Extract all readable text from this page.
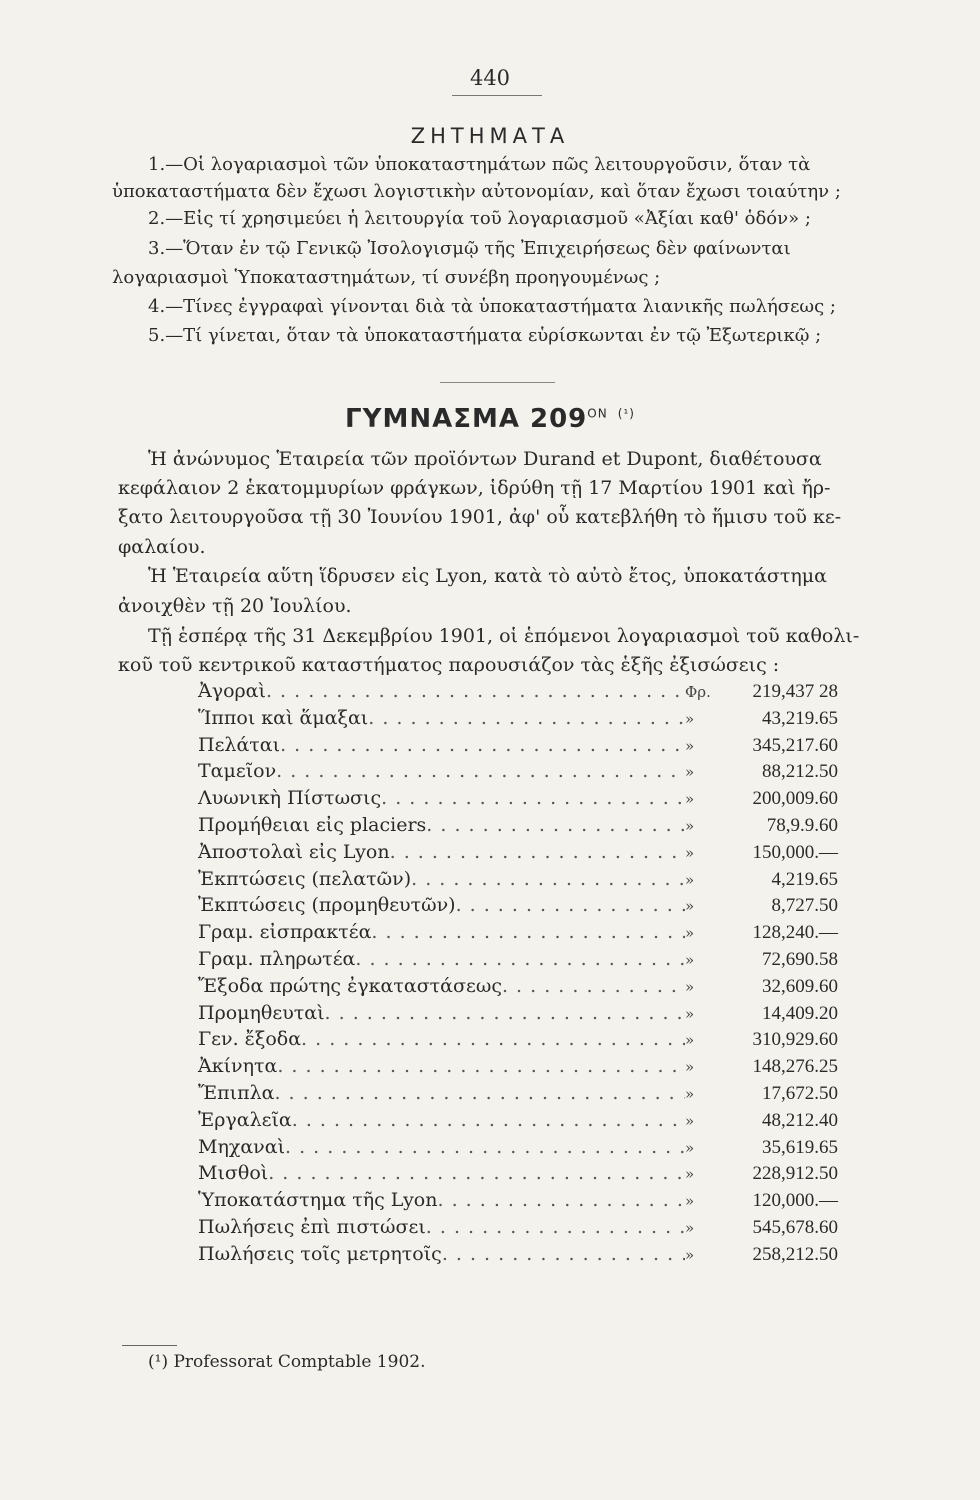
440
ΖΗΤΗΜΑΤΑ
1.—Οἱ λογαριασμοὶ τῶν ὑποκαταστημάτων πῶς λειτουργοῦσιν, ὅταν τὰ
ὑποκαταστήματα δὲν ἔχωσι λογιστικὴν αὐτονομίαν, καὶ ὅταν ἔχωσι τοιαύτην ;
2.—Εἰς τί χρησιμεύει ἡ λειτουργία τοῦ λογαριασμοῦ «Ἀξίαι καθ' ὁδόν» ;
3.—Ὅταν ἐν τῷ Γενικῷ Ἰσολογισμῷ τῆς Ἐπιχειρήσεως δὲν φαίνωνται
λογαριασμοὶ Ὑποκαταστημάτων, τί συνέβη προηγουμένως ;
4.—Τίνες ἐγγραφαὶ γίνονται διὰ τὰ ὑποκαταστήματα λιανικῆς πωλήσεως ;
5.—Τί γίνεται, ὅταν τὰ ὑποκαταστήματα εὑρίσκωνται ἐν τῷ Ἐξωτερικῷ ;
ΓΥΜΝΑΣΜΑ $209^{ON}$ $^{(^1)}$
Ἡ ἀνώνυμος Ἑταιρεία τῶν προϊόντων Durand et Dupont, διαθέτουσα
κεφάλαιον 2 ἑκατομμυρίων φράγκων, ἱδρύθη τῇ 17 Μαρτίου 1901 καὶ ἤρ-
ξατο λειτουργοῦσα τῇ 30 Ἰουνίου 1901, ἀφ' οὗ κατεβλήθη τὸ ἥμισυ τοῦ κε-
φαλαίου.
Ἡ Ἑταιρεία αὕτη ἵδρυσεν εἰς Lyon, κατὰ τὸ αὐτὸ ἔτος, ὑποκατάστημα
ἀνοιχθὲν τῇ 20 Ἰουλίου.
Τῇ ἑσπέρᾳ τῆς 31 Δεκεμβρίου 1901, οἱ ἑπόμενοι λογαριασμοὶ τοῦ καθολι-
κοῦ τοῦ κεντρικοῦ καταστήματος παρουσιάζον τὰς ἑξῆς ἐξισώσεις :
Ἀγοραὶ . . .	Φρ.	219,437 28
Ἵπποι καὶ ἅμαξαι . . .	»	43,219.65
Πελάται . . .	»	345,217.60
Ταμεῖον . . .	»	88,212.50
Λυωνικὴ Πίστωσις . . .	»	200,009.60
Προμήθειαι εἰς placiers . . .	»	78,9.9.60
Ἀποστολαὶ εἰς Lyon . . .	»	150,000.—
Ἐκπτώσεις (πελατῶν) . . .	»	4,219.65
Ἐκπτώσεις (προμηθευτῶν) . . .	»	8,727.50
Γραμ. εἰσπρακτέα . . .	»	128,240.—
Γραμ. πληρωτέα . . .	»	72,690.58
Ἔξοδα πρώτης ἐγκαταστάσεως . . .	»	32,609.60
Προμηθευταὶ . . .	»	14,409.20
Γεν. ἔξοδα . . .	»	310,929.60
Ἀκίνητα . . .	»	148,276.25
Ἔπιπλα . . .	»	17,672.50
Ἐργαλεῖα . . .	»	48,212.40
Μηχαναὶ . . .	»	35,619.65
Μισθοὶ . . .	»	228,912.50
Ὑποκατάστημα τῆς Lyon . . .	»	120,000.—
Πωλήσεις ἐπὶ πιστώσει . . .	»	545,678.60
Πωλήσεις τοῖς μετρητοῖς . . .	»	258,212.50
(¹) Professorat Comptable 1902.
